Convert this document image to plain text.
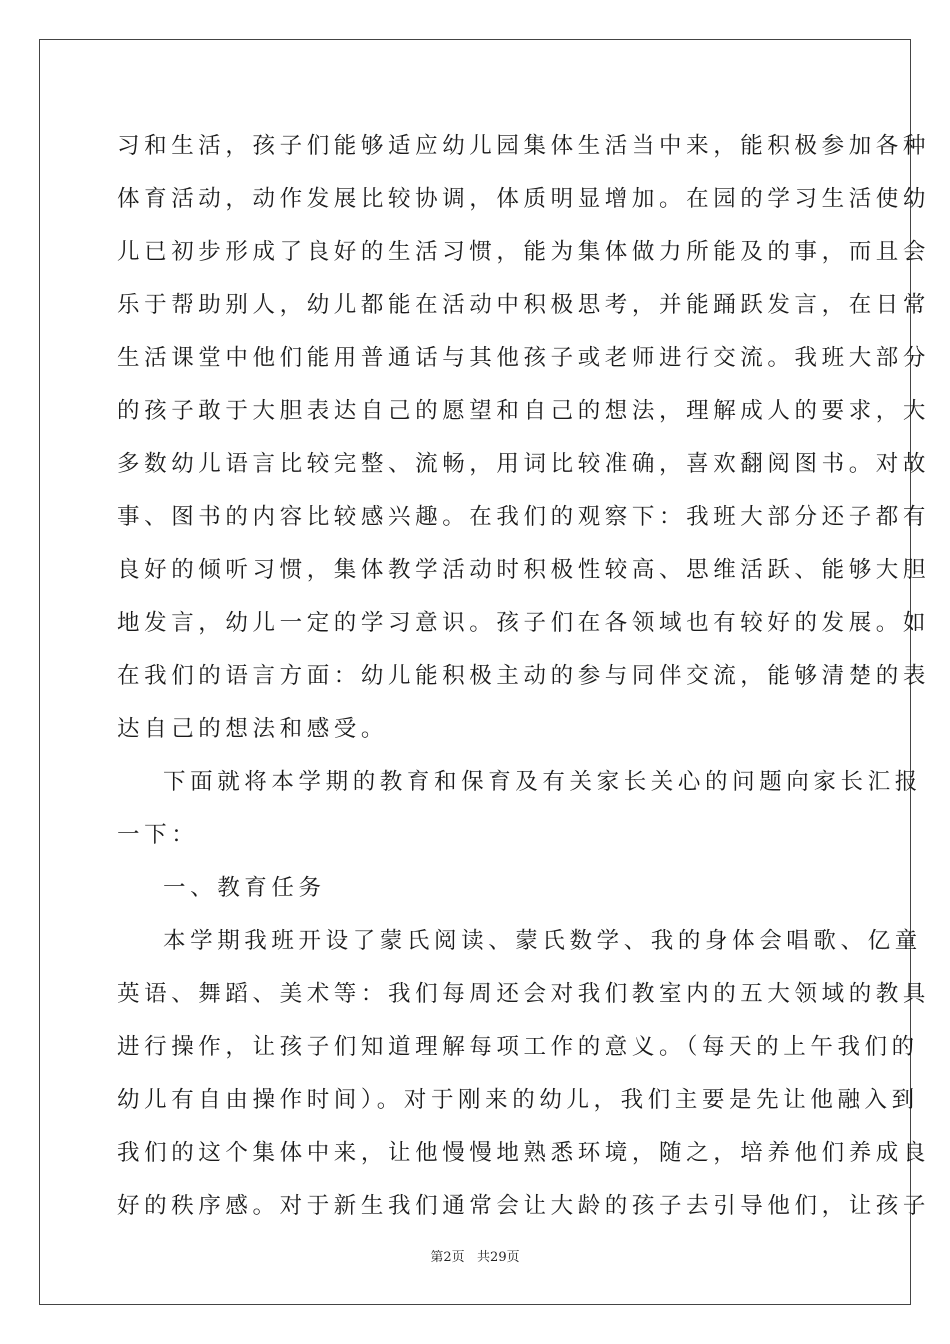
习和生活，孩子们能够适应幼儿园集体生活当中来，能积极参加各种
体育活动，动作发展比较协调，体质明显增加。在园的学习生活使幼
儿已初步形成了良好的生活习惯，能为集体做力所能及的事，而且会
乐于帮助别人，幼儿都能在活动中积极思考，并能踊跃发言，在日常
生活课堂中他们能用普通话与其他孩子或老师进行交流。我班大部分
的孩子敢于大胆表达自己的愿望和自己的想法，理解成人的要求，大
多数幼儿语言比较完整、流畅，用词比较准确，喜欢翻阅图书。对故
事、图书的内容比较感兴趣。在我们的观察下：我班大部分还子都有
良好的倾听习惯，集体教学活动时积极性较高、思维活跃、能够大胆
地发言，幼儿一定的学习意识。孩子们在各领域也有较好的发展。如
在我们的语言方面：幼儿能积极主动的参与同伴交流，能够清楚的表
达自己的想法和感受。
下面就将本学期的教育和保育及有关家长关心的问题向家长汇报
一下：
一、教育任务
本学期我班开设了蒙氏阅读、蒙氏数学、我的身体会唱歌、亿童
英语、舞蹈、美术等：我们每周还会对我们教室内的五大领域的教具
进行操作，让孩子们知道理解每项工作的意义。（每天的上午我们的
幼儿有自由操作时间）。对于刚来的幼儿，我们主要是先让他融入到
我们的这个集体中来，让他慢慢地熟悉环境，随之，培养他们养成良
好的秩序感。对于新生我们通常会让大龄的孩子去引导他们，让孩子
第2页   共29页
